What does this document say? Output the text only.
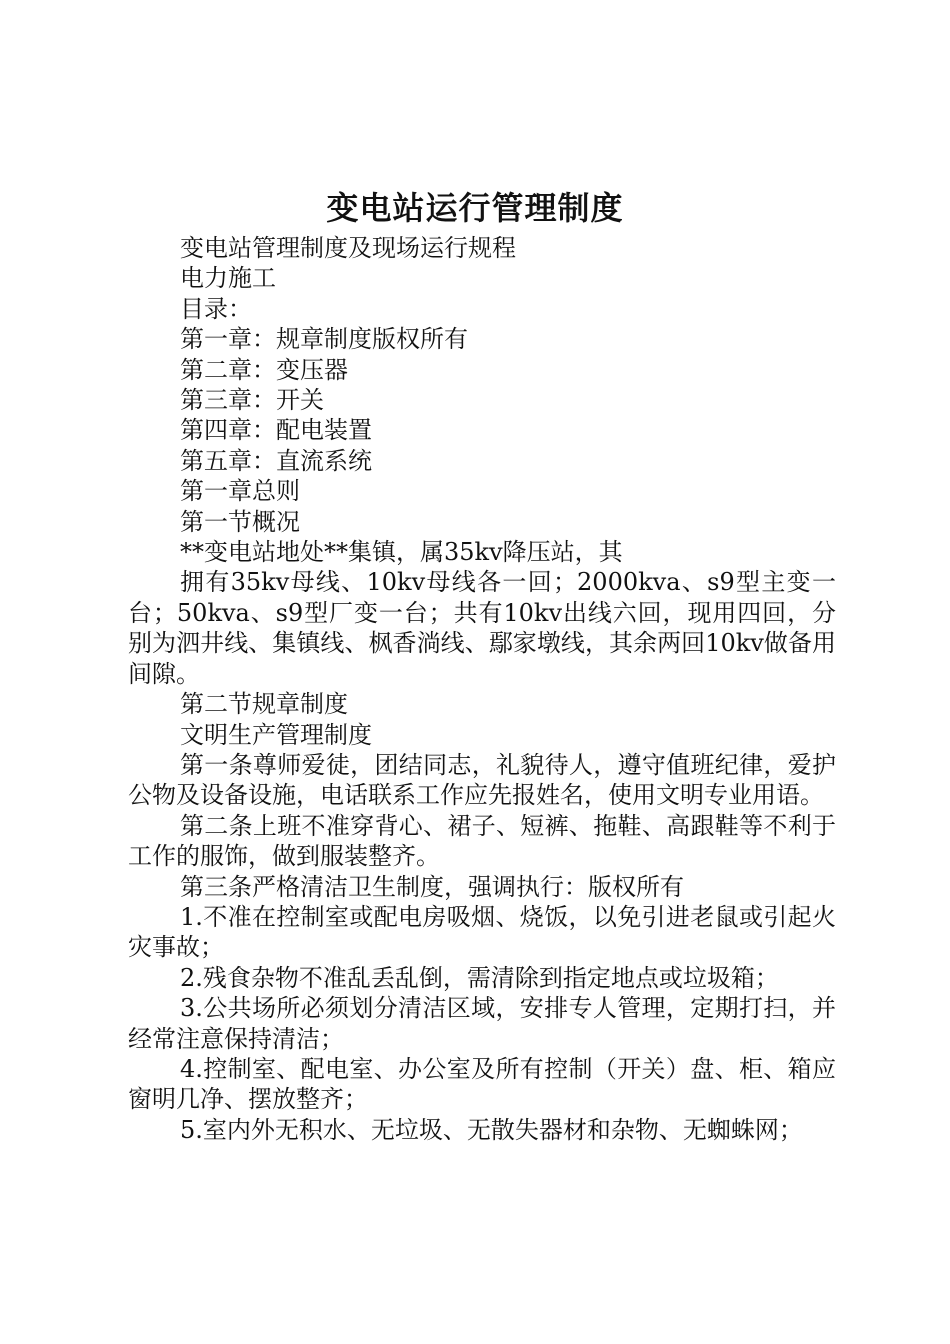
变电站运行管理制度

变电站管理制度及现场运行规程

电力施工

目录：

第一章：规章制度版权所有

第二章：变压器

第三章：开关

第四章：配电装置

第五章：直流系统

第一章总则

第一节概况

**变电站地处**集镇，属35kv降压站，其

拥有35kv母线、10kv母线各一回；2000kva、s9型主变一台；50kva、s9型厂变一台；共有10kv出线六回，现用四回，分别为泗井线、集镇线、枫香淌线、鄢家墩线，其余两回10kv做备用间隙。

第二节规章制度

文明生产管理制度

第一条尊师爱徒，团结同志，礼貌待人，遵守值班纪律，爱护公物及设备设施，电话联系工作应先报姓名，使用文明专业用语。

第二条上班不准穿背心、裙子、短裤、拖鞋、高跟鞋等不利于工作的服饰，做到服装整齐。

第三条严格清洁卫生制度，强调执行：版权所有

1.不准在控制室或配电房吸烟、烧饭，以免引进老鼠或引起火灾事故；

2.残食杂物不准乱丢乱倒，需清除到指定地点或垃圾箱；

3.公共场所必须划分清洁区域，安排专人管理，定期打扫，并经常注意保持清洁；

4.控制室、配电室、办公室及所有控制（开关）盘、柜、箱应窗明几净、摆放整齐；

5.室内外无积水、无垃圾、无散失器材和杂物、无蜘蛛网；
